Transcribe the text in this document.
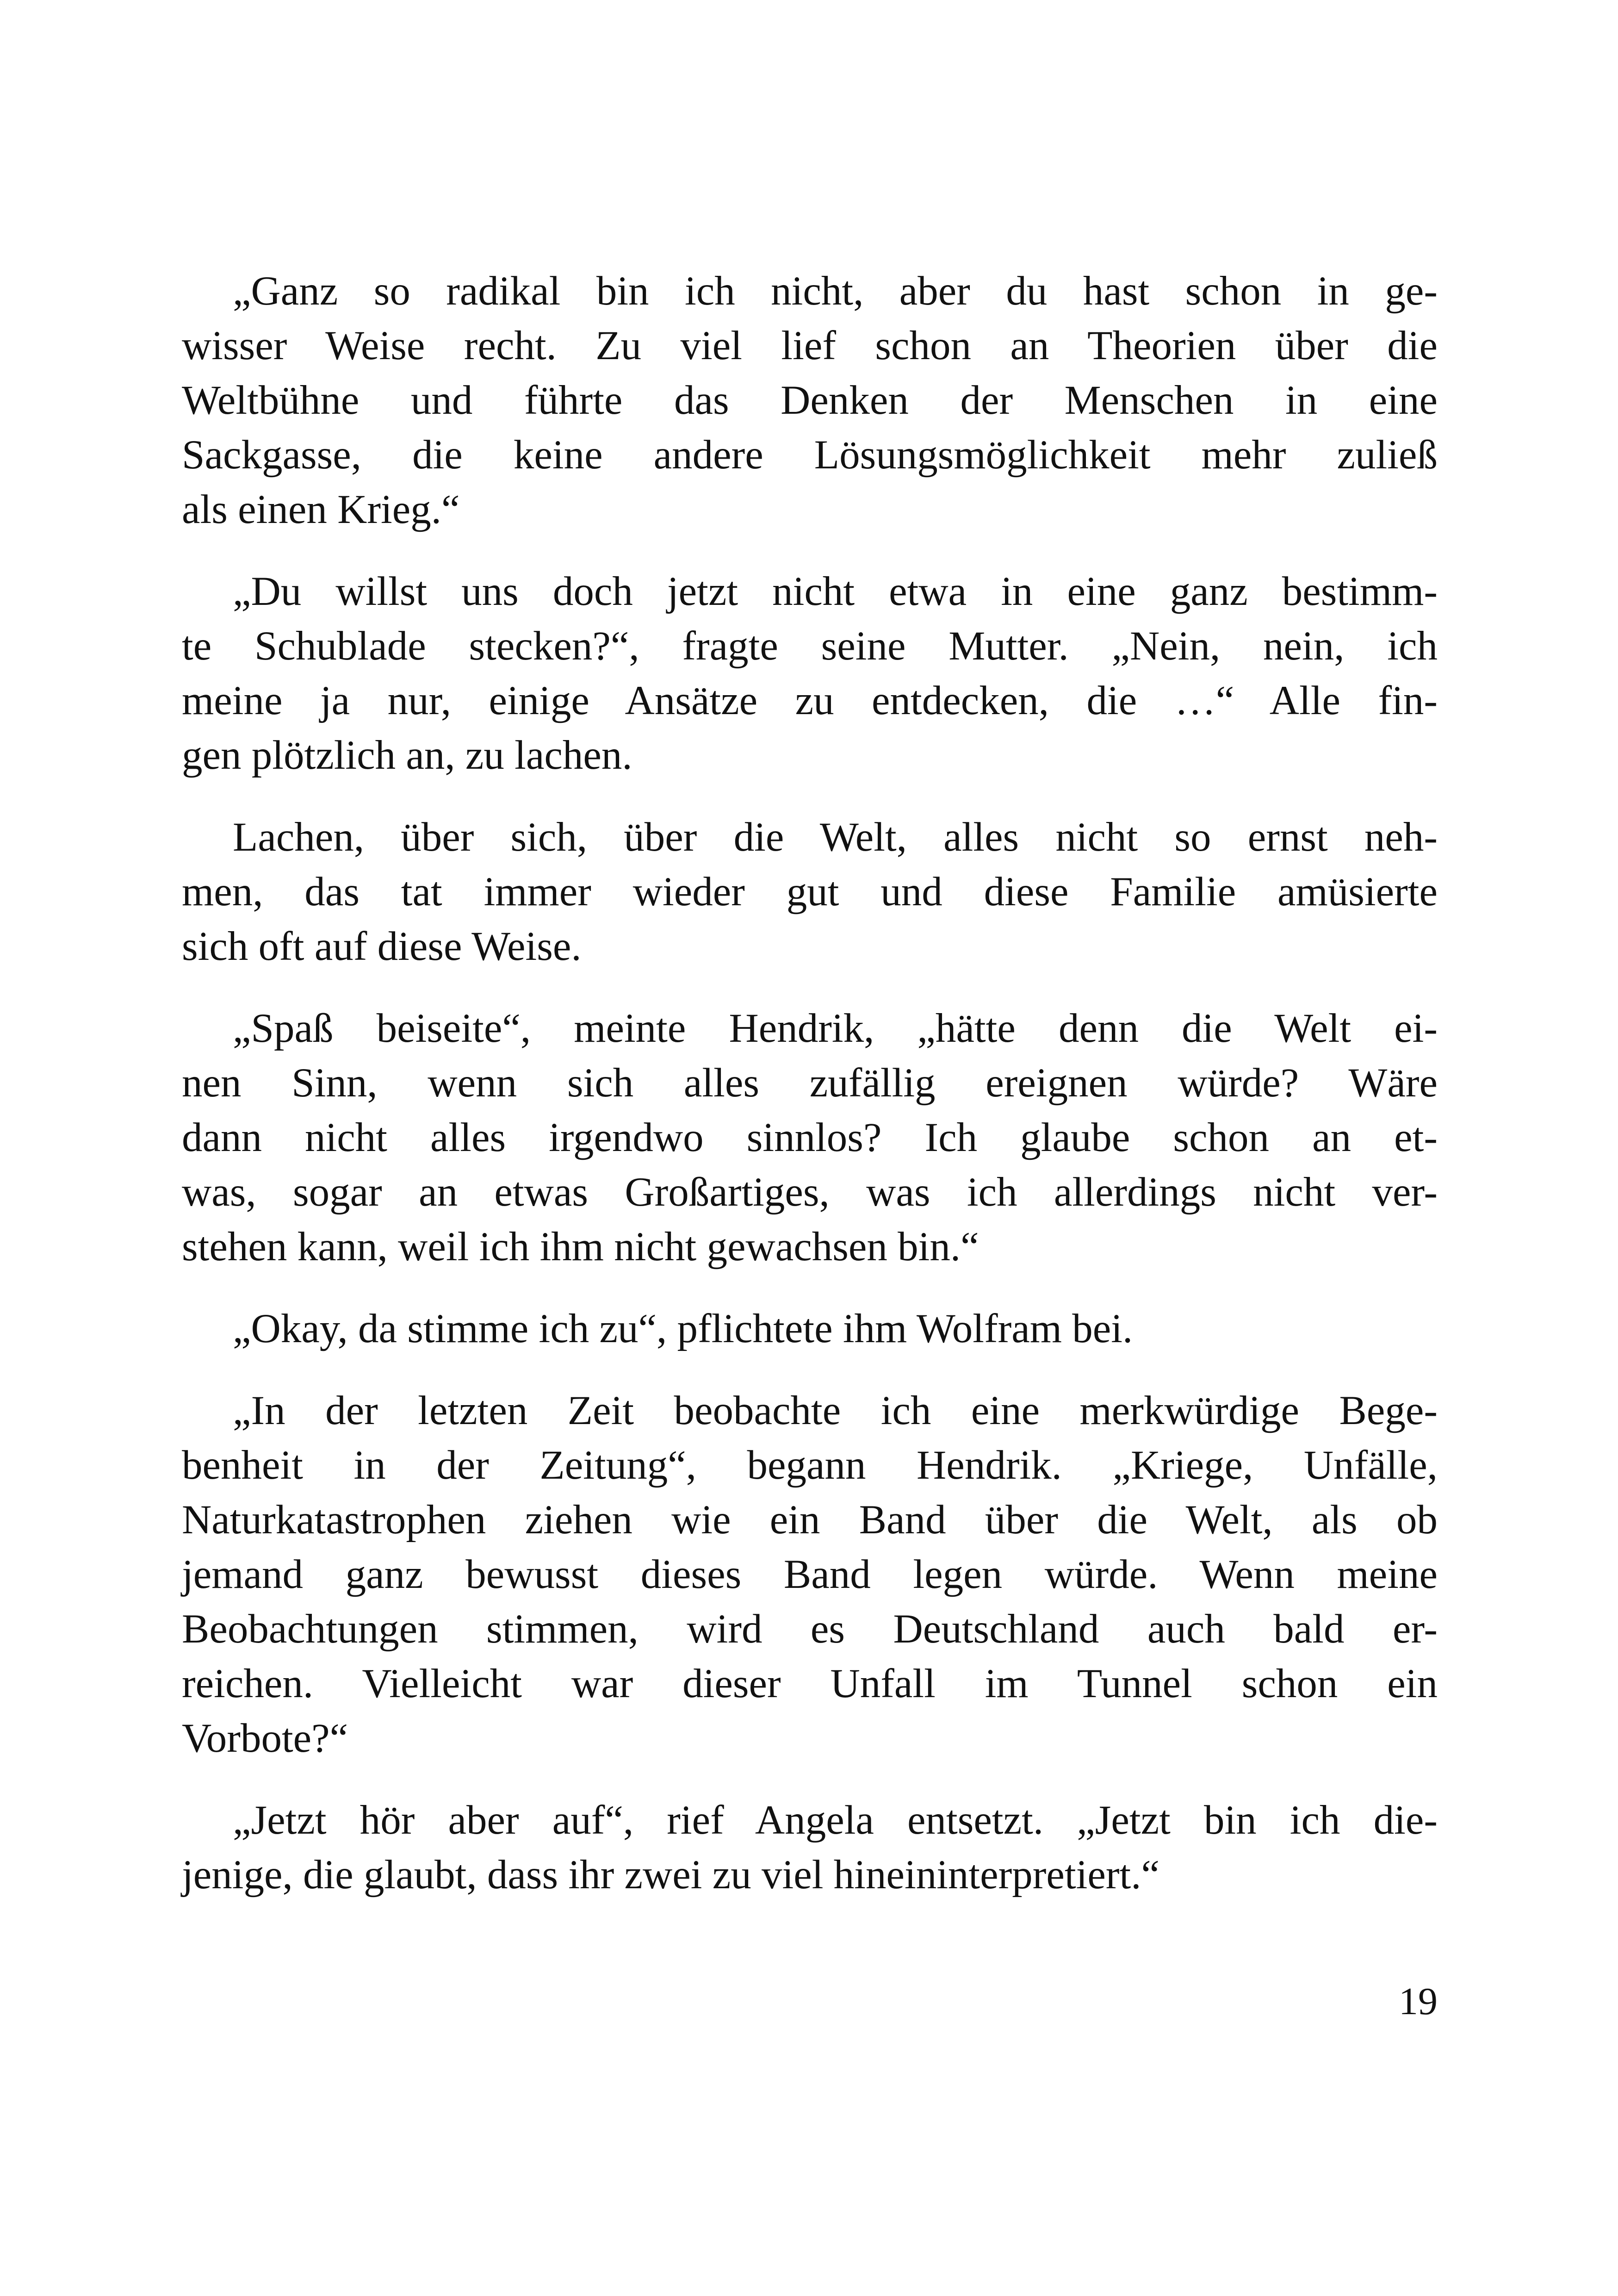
„Ganz so radikal bin ich nicht, aber du hast schon in ge-
wisser Weise recht. Zu viel lief schon an Theorien über die
Weltbühne und führte das Denken der Menschen in eine
Sackgasse, die keine andere Lösungsmöglichkeit mehr zuließ
als einen Krieg.“

„Du willst uns doch jetzt nicht etwa in eine ganz bestimm-
te Schublade stecken?“, fragte seine Mutter. „Nein, nein, ich
meine ja nur, einige Ansätze zu entdecken, die …“ Alle fin-
gen plötzlich an, zu lachen.

Lachen, über sich, über die Welt, alles nicht so ernst neh-
men, das tat immer wieder gut und diese Familie amüsierte
sich oft auf diese Weise.

„Spaß beiseite“, meinte Hendrik, „hätte denn die Welt ei-
nen Sinn, wenn sich alles zufällig ereignen würde? Wäre
dann nicht alles irgendwo sinnlos? Ich glaube schon an et-
was, sogar an etwas Großartiges, was ich allerdings nicht ver-
stehen kann, weil ich ihm nicht gewachsen bin.“

„Okay, da stimme ich zu“, pflichtete ihm Wolfram bei.

„In der letzten Zeit beobachte ich eine merkwürdige Bege-
benheit in der Zeitung“, begann Hendrik. „Kriege, Unfälle,
Naturkatastrophen ziehen wie ein Band über die Welt, als ob
jemand ganz bewusst dieses Band legen würde. Wenn meine
Beobachtungen stimmen, wird es Deutschland auch bald er-
reichen. Vielleicht war dieser Unfall im Tunnel schon ein
Vorbote?“

„Jetzt hör aber auf“, rief Angela entsetzt. „Jetzt bin ich die-
jenige, die glaubt, dass ihr zwei zu viel hineininterpretiert.“

19
